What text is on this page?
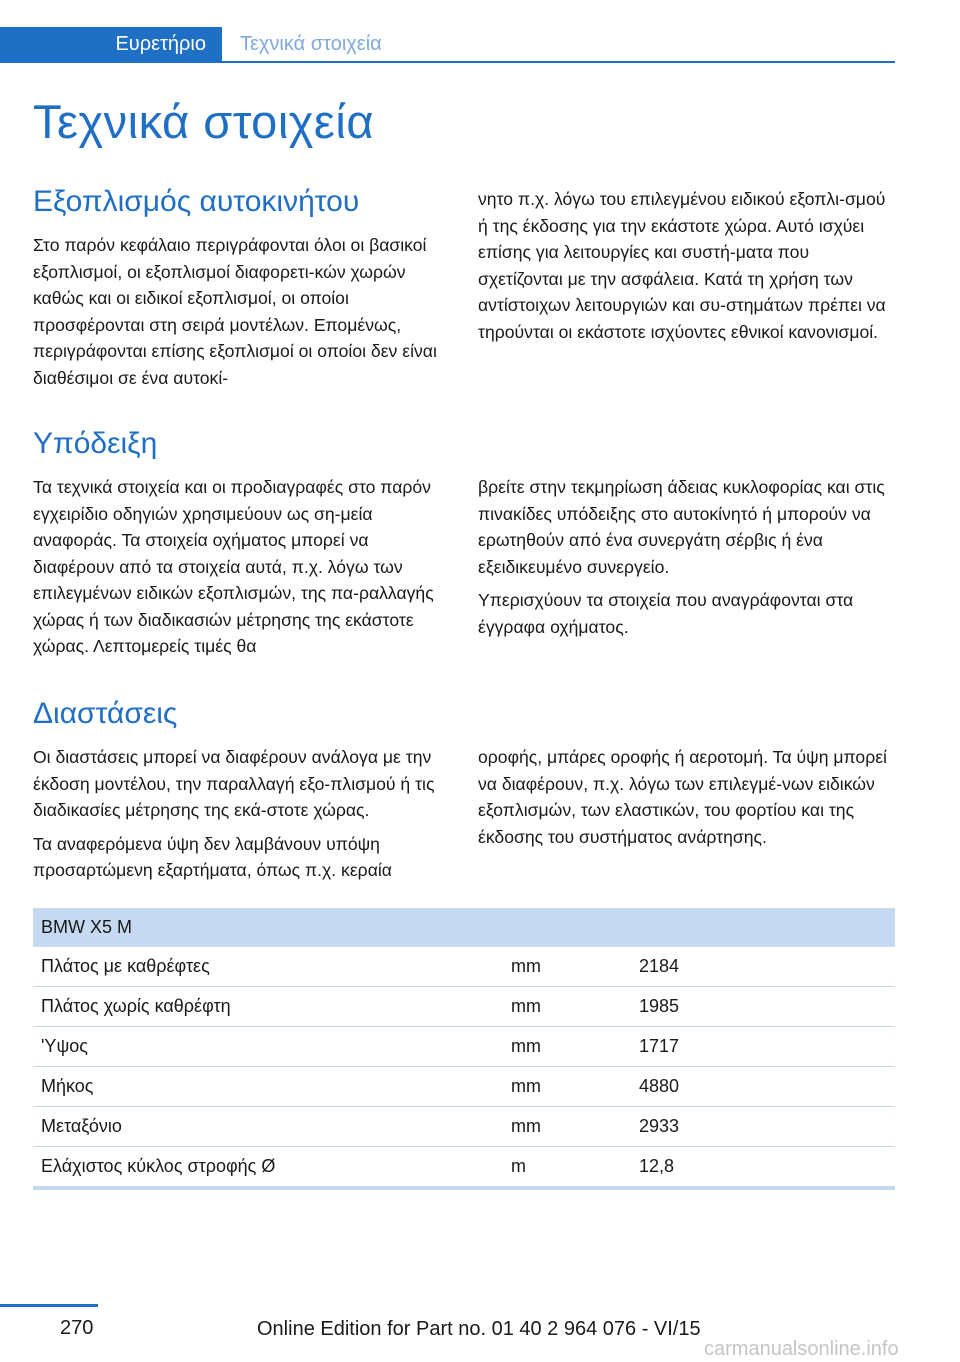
Ευρετήριο	Τεχνικά στοιχεία
Τεχνικά στοιχεία
Εξοπλισμός αυτοκινήτου

Στο παρόν κεφάλαιο περιγράφονται όλοι οι βασικοί εξοπλισμοί, οι εξοπλισμοί διαφορετι-κών χωρών καθώς και οι ειδικοί εξοπλισμοί, οι οποίοι προσφέρονται στη σειρά μοντέλων. Επομένως, περιγράφονται επίσης εξοπλισμοί οι οποίοι δεν είναι διαθέσιμοι σε ένα αυτοκί-

νητο π.χ. λόγω του επιλεγμένου ειδικού εξοπλι-σμού ή της έκδοσης για την εκάστοτε χώρα. Αυτό ισχύει επίσης για λειτουργίες και συστή-ματα που σχετίζονται με την ασφάλεια. Κατά τη χρήση των αντίστοιχων λειτουργιών και συ-στημάτων πρέπει να τηρούνται οι εκάστοτε ισχύοντες εθνικοί κανονισμοί.

Υπόδειξη

Τα τεχνικά στοιχεία και οι προδιαγραφές στο παρόν εγχειρίδιο οδηγιών χρησιμεύουν ως ση-μεία αναφοράς. Τα στοιχεία οχήματος μπορεί να διαφέρουν από τα στοιχεία αυτά, π.χ. λόγω των επιλεγμένων ειδικών εξοπλισμών, της πα-ραλλαγής χώρας ή των διαδικασιών μέτρησης της εκάστοτε χώρας. Λεπτομερείς τιμές θα

βρείτε στην τεκμηρίωση άδειας κυκλοφορίας και στις πινακίδες υπόδειξης στο αυτοκίνητό ή μπορούν να ερωτηθούν από ένα συνεργάτη σέρβις ή ένα εξειδικευμένο συνεργείο.

Υπερισχύουν τα στοιχεία που αναγράφονται στα έγγραφα οχήματος.

Διαστάσεις

Οι διαστάσεις μπορεί να διαφέρουν ανάλογα με την έκδοση μοντέλου, την παραλλαγή εξο-πλισμού ή τις διαδικασίες μέτρησης της εκά-στοτε χώρας.

Τα αναφερόμενα ύψη δεν λαμβάνουν υπόψη προσαρτώμενη εξαρτήματα, όπως π.χ. κεραία

οροφής, μπάρες οροφής ή αεροτομή. Τα ύψη μπορεί να διαφέρουν, π.χ. λόγω των επιλεγμέ-νων ειδικών εξοπλισμών, των ελαστικών, του φορτίου και της έκδοσης του συστήματος ανάρτησης.

BMW X5 M		
Πλάτος με καθρέφτες	mm	2184
Πλάτος χωρίς καθρέφτη	mm	1985
'Υψος	mm	1717
Μήκος	mm	4880
Μεταξόνιο	mm	2933
Ελάχιστος κύκλος στροφής Ø	m	12,8
270	Online Edition for Part no. 01 40 2 964 076 - VI/15
carmanualsonline.info
